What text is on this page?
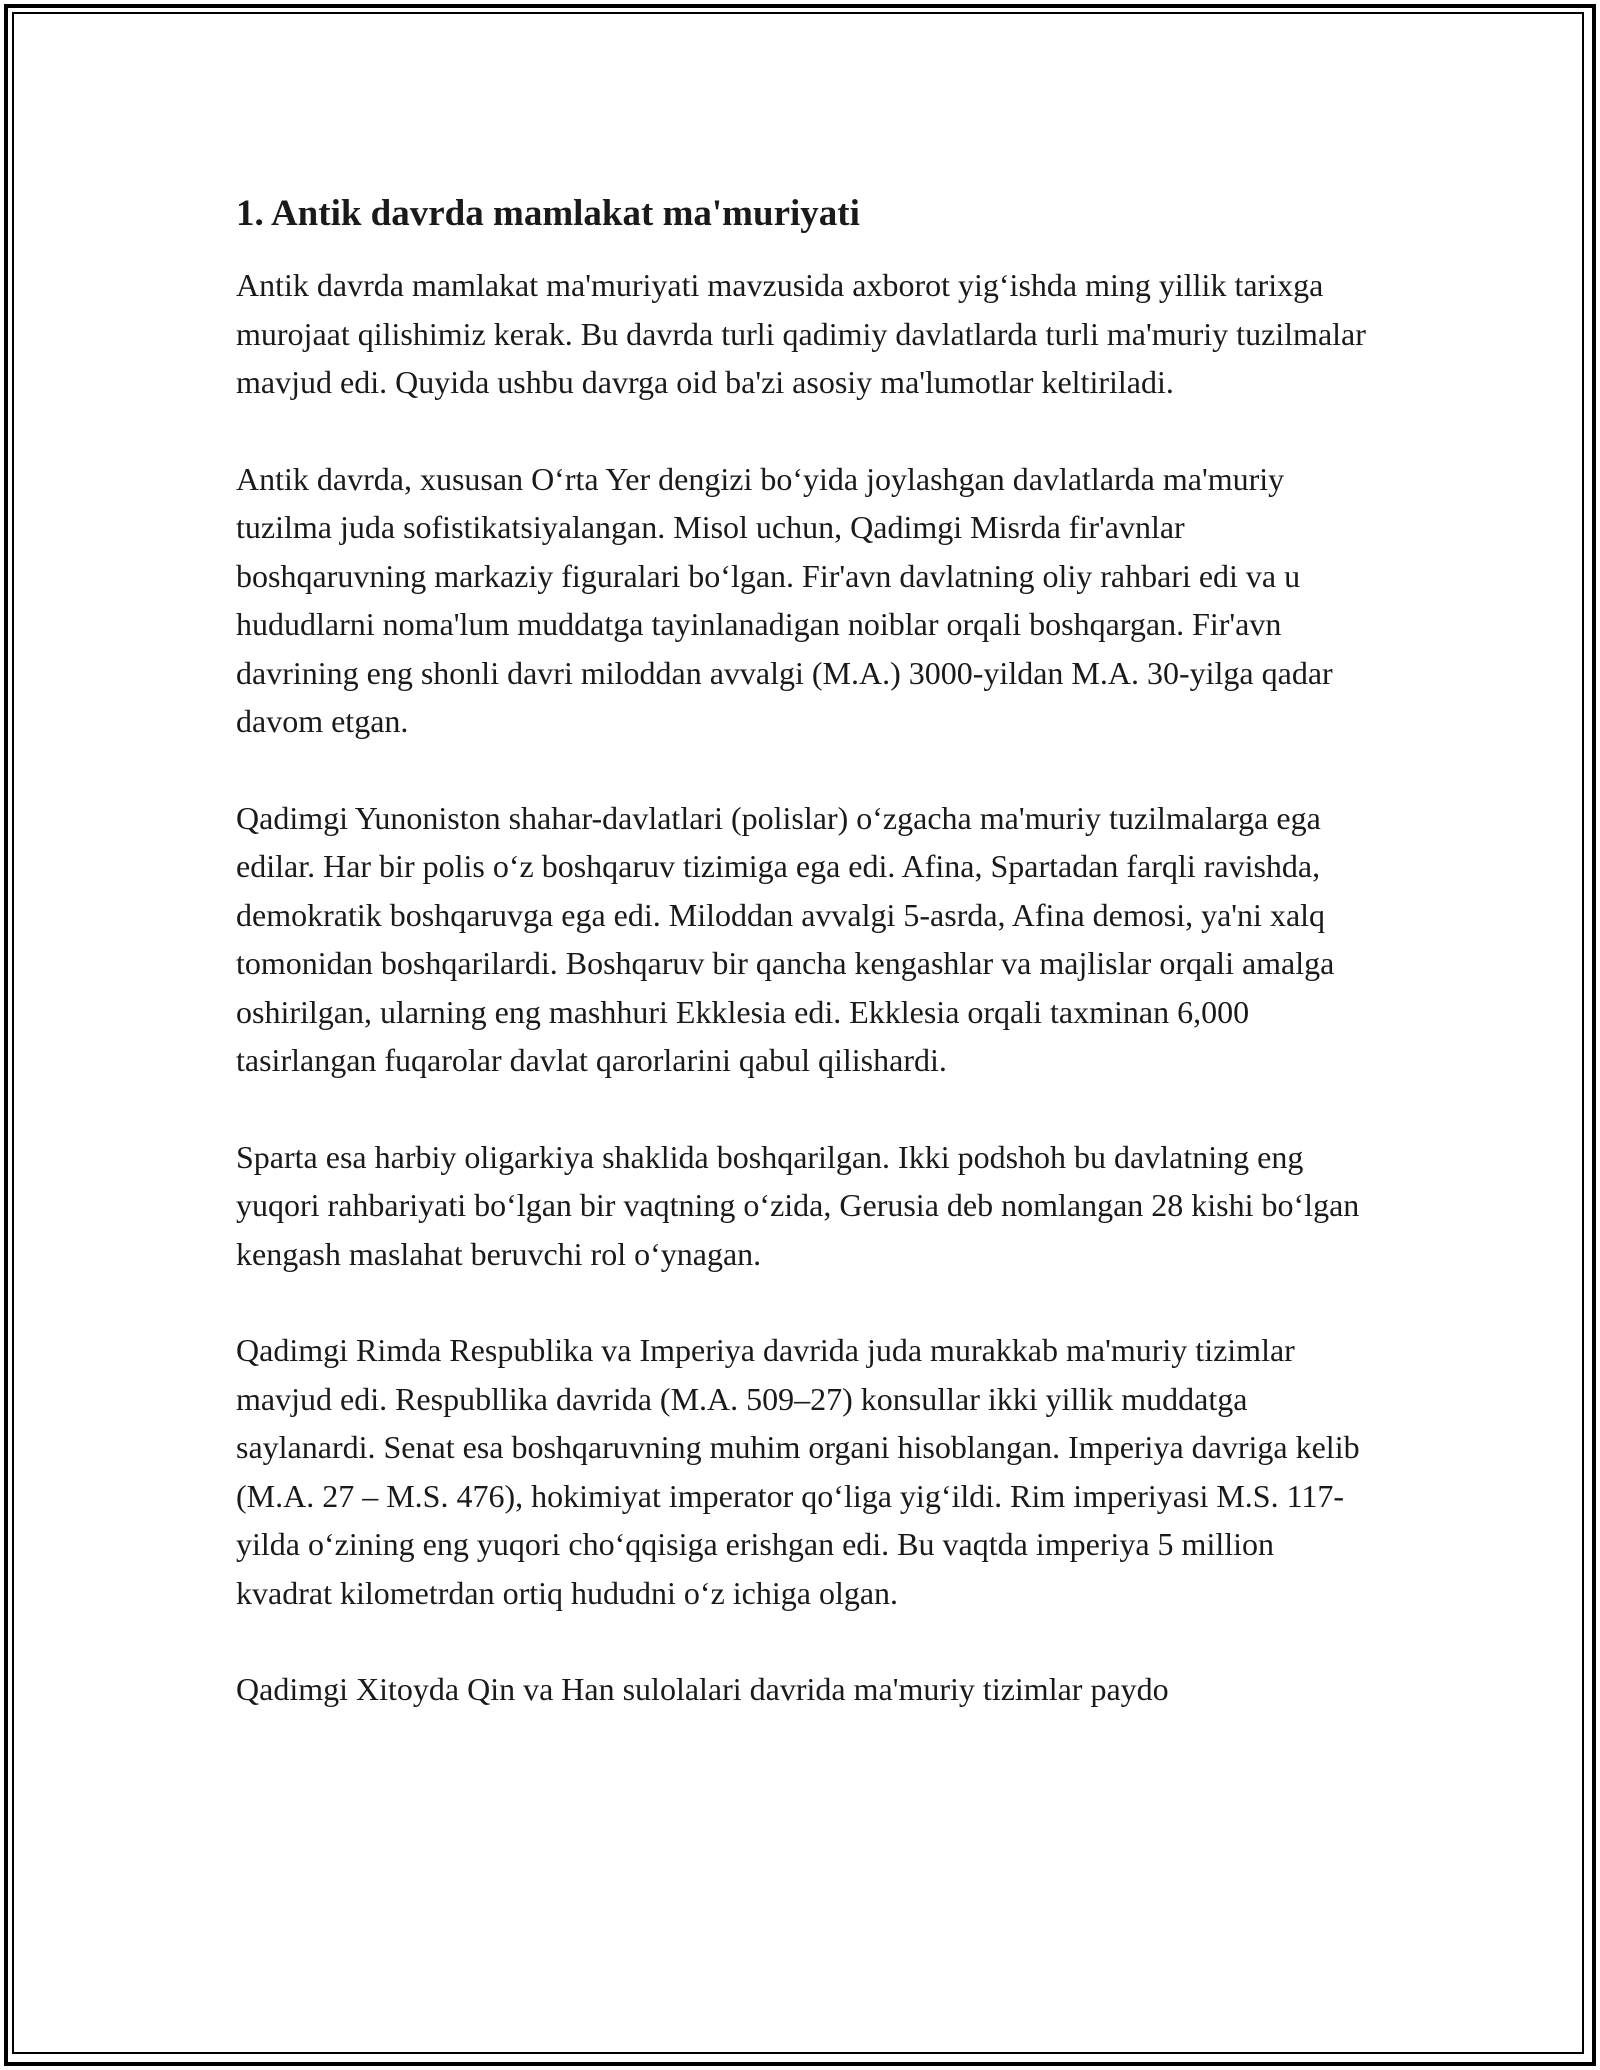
1. Antik davrda mamlakat ma'muriyati

Antik davrda mamlakat ma'muriyati mavzusida axborot yig‘ishda ming yillik tarixga murojaat qilishimiz kerak. Bu davrda turli qadimiy davlatlarda turli ma'muriy tuzilmalar mavjud edi. Quyida ushbu davrga oid ba'zi asosiy ma'lumotlar keltiriladi.

Antik davrda, xususan O‘rta Yer dengizi bo‘yida joylashgan davlatlarda ma'muriy tuzilma juda sofistikatsiyalangan. Misol uchun, Qadimgi Misrda fir'avnlar boshqaruvning markaziy figuralari bo‘lgan. Fir'avn davlatning oliy rahbari edi va u hududlarni noma'lum muddatga tayinlanadigan noiblar orqali boshqargan. Fir'avn davrining eng shonli davri miloddan avvalgi (M.A.) 3000-yildan M.A. 30-yilga qadar davom etgan.

Qadimgi Yunoniston shahar-davlatlari (polislar) o‘zgacha ma'muriy tuzilmalarga ega edilar. Har bir polis o‘z boshqaruv tizimiga ega edi. Afina, Spartadan farqli ravishda, demokratik boshqaruvga ega edi. Miloddan avvalgi 5-asrda, Afina demosi, ya'ni xalq tomonidan boshqarilardi. Boshqaruv bir qancha kengashlar va majlislar orqali amalga oshirilgan, ularning eng mashhuri Ekklesia edi. Ekklesia orqali taxminan 6,000 tasirlangan fuqarolar davlat qarorlarini qabul qilishardi.

Sparta esa harbiy oligarkiya shaklida boshqarilgan. Ikki podshoh bu davlatning eng yuqori rahbariyati bo‘lgan bir vaqtning o‘zida, Gerusia deb nomlangan 28 kishi bo‘lgan kengash maslahat beruvchi rol o‘ynagan.

Qadimgi Rimda Respublika va Imperiya davrida juda murakkab ma'muriy tizimlar mavjud edi. Respubllika davrida (M.A. 509–27) konsullar ikki yillik muddatga saylanardi. Senat esa boshqaruvning muhim organi hisoblangan. Imperiya davriga kelib (M.A. 27 – M.S. 476), hokimiyat imperator qo‘liga yig‘ildi. Rim imperiyasi M.S. 117-yilda o‘zining eng yuqori cho‘qqisiga erishgan edi. Bu vaqtda imperiya 5 million kvadrat kilometrdan ortiq hududni o‘z ichiga olgan.

Qadimgi Xitoyda Qin va Han sulolalari davrida ma'muriy tizimlar paydo
